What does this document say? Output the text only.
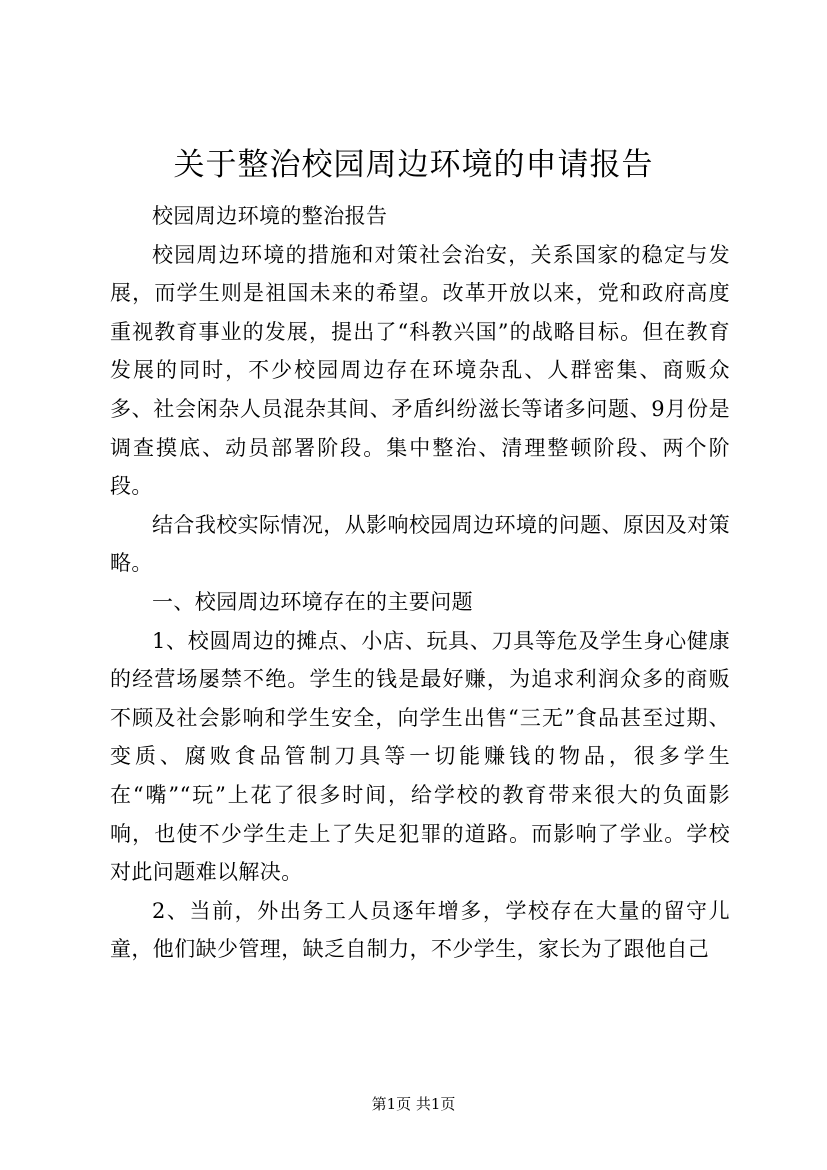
关于整治校园周边环境的申请报告

校园周边环境的整治报告

校园周边环境的措施和对策社会治安，关系国家的稳定与发展，而学生则是祖国未来的希望。改革开放以来，党和政府高度重视教育事业的发展，提出了“科教兴国”的战略目标。但在教育发展的同时，不少校园周边存在环境杂乱、人群密集、商贩众多、社会闲杂人员混杂其间、矛盾纠纷滋长等诸多问题、9月份是调查摸底、动员部署阶段。集中整治、清理整顿阶段、两个阶段。

结合我校实际情况，从影响校园周边环境的问题、原因及对策略。

一、校园周边环境存在的主要问题

1、校圆周边的摊点、小店、玩具、刀具等危及学生身心健康的经营场屡禁不绝。学生的钱是最好赚，为追求利润众多的商贩不顾及社会影响和学生安全，向学生出售“三无”食品甚至过期、变质、腐败食品管制刀具等一切能赚钱的物品，很多学生在“嘴”“玩”上花了很多时间，给学校的教育带来很大的负面影响，也使不少学生走上了失足犯罪的道路。而影响了学业。学校对此问题难以解决。

2、当前，外出务工人员逐年增多，学校存在大量的留守儿童，他们缺少管理，缺乏自制力，不少学生，家长为了跟他自己

第1页 共1页
